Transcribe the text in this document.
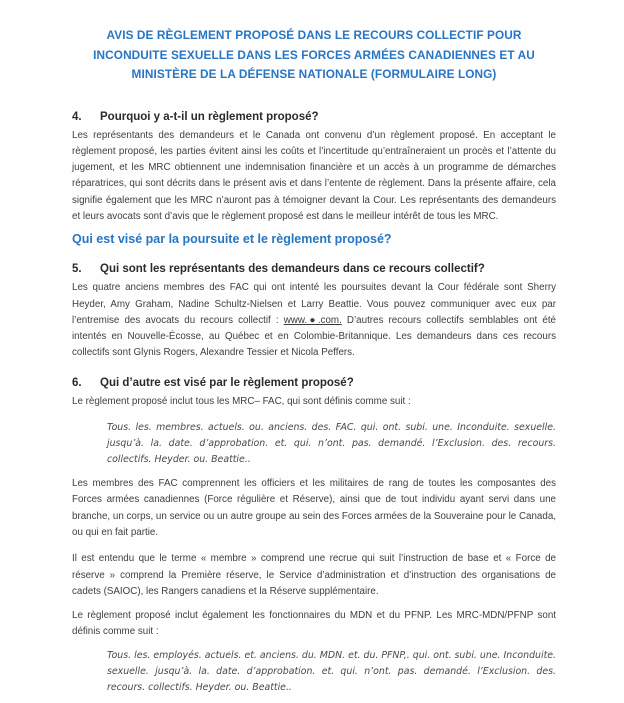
AVIS DE RÈGLEMENT PROPOSÉ DANS LE RECOURS COLLECTIF POUR
INCONDUITE SEXUELLE DANS LES FORCES ARMÉES CANADIENNES ET AU
MINISTÈRE DE LA DÉFENSE NATIONALE (FORMULAIRE LONG)
4.	Pourquoi y a-t-il un règlement proposé?

Les représentants des demandeurs et le Canada ont convenu d’un règlement proposé. En acceptant le règlement proposé, les parties évitent ainsi les coûts et l’incertitude qu’entraîneraient un procès et l’attente du jugement, et les MRC obtiennent une indemnisation financière et un accès à un programme de démarches réparatrices, qui sont décrits dans le présent avis et dans l’entente de règlement. Dans la présente affaire, cela signifie également que les MRC n’auront pas à témoigner devant la Cour. Les représentants des demandeurs et leurs avocats sont d’avis que le règlement proposé est dans le meilleur intérêt de tous les MRC.

Qui est visé par la poursuite et le règlement proposé?
5.	Qui sont les représentants des demandeurs dans ce recours collectif?

Les quatre anciens membres des FAC qui ont intenté les poursuites devant la Cour fédérale sont Sherry Heyder, Amy Graham, Nadine Schultz-Nielsen et Larry Beattie. Vous pouvez communiquer avec eux par l’entremise des avocats du recours collectif : www.●.com. D’autres recours collectifs semblables ont été intentés en Nouvelle-Écosse, au Québec et en Colombie-Britannique. Les demandeurs dans ces recours collectifs sont Glynis Rogers, Alexandre Tessier et Nicola Peffers.

6.	Qui d’autre est visé par le règlement proposé?

Le règlement proposé inclut tous les MRC– FAC, qui sont définis comme suit :

Tous. les. membres. actuels. ou. anciens. des. FAC. qui. ont. subi. une. Inconduite. sexuelle. jusqu’à. la. date. d’approbation. et. qui. n’ont. pas. demandé. l’Exclusion. des. recours. collectifs. Heyder. ou. Beattie..

Les membres des FAC comprennent les officiers et les militaires de rang de toutes les composantes des Forces armées canadiennes (Force régulière et Réserve), ainsi que de tout individu ayant servi dans une branche, un corps, un service ou un autre groupe au sein des Forces armées de la Souveraine pour le Canada, ou qui en fait partie.

Il est entendu que le terme « membre » comprend une recrue qui suit l’instruction de base et « Force de réserve » comprend la Première réserve, le Service d’administration et d’instruction des organisations de cadets (SAIOC), les Rangers canadiens et la Réserve supplémentaire.

Le règlement proposé inclut également les fonctionnaires du MDN et du PFNP. Les MRC-MDN/PFNP sont définis comme suit :

Tous. les. employés. actuels. et. anciens. du. MDN. et. du. PFNP,. qui. ont. subi. une. Inconduite. sexuelle. jusqu’à. la. date. d’approbation. et. qui. n’ont. pas. demandé. l’Exclusion. des. recours. collectifs. Heyder. ou. Beattie..
